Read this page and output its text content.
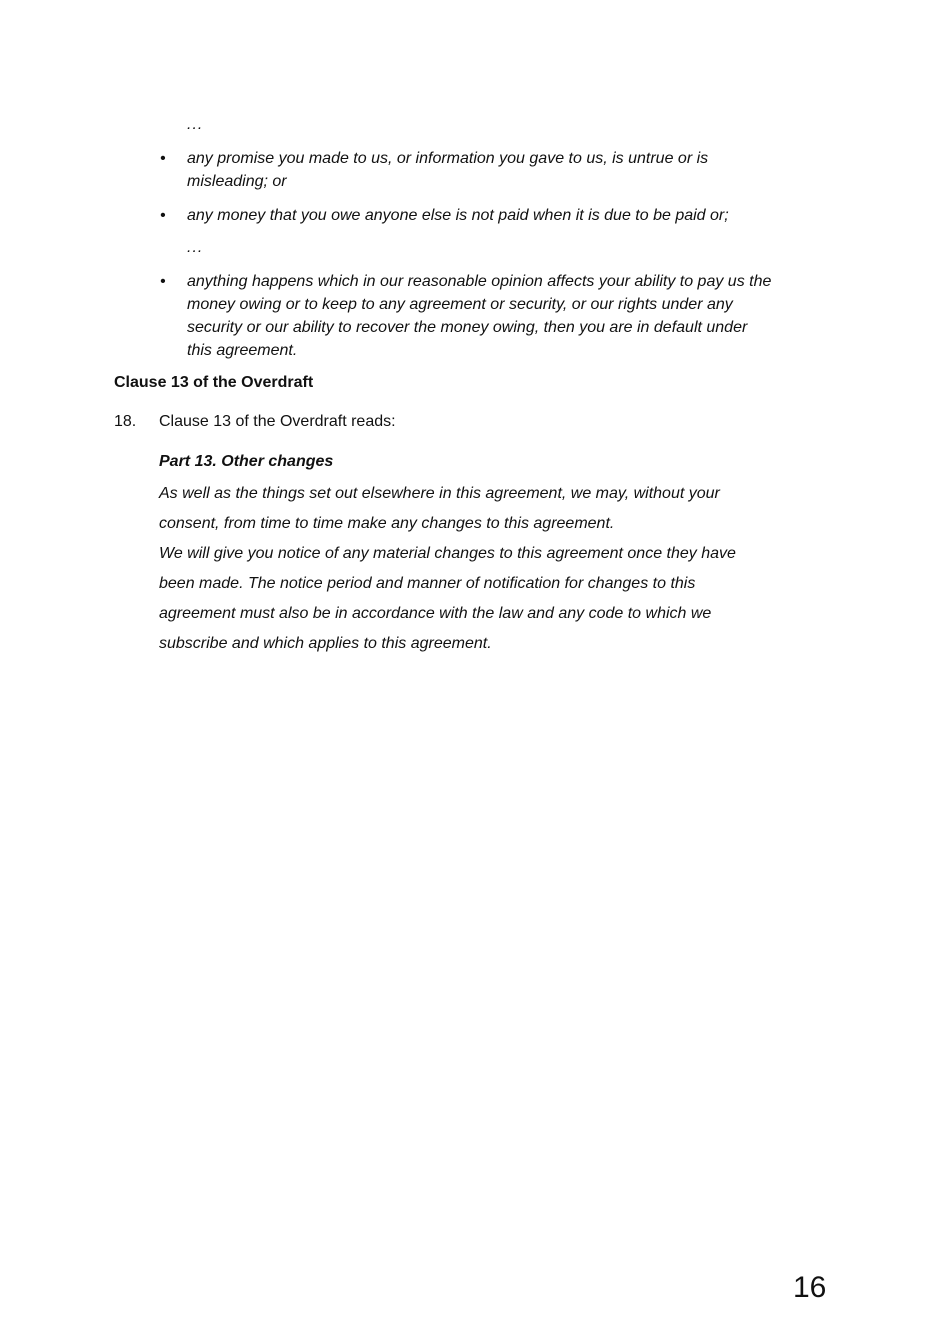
...
• any promise you made to us, or information you gave to us, is untrue or is
misleading; or
• any money that you owe anyone else is not paid when it is due to be paid or;
...
• anything happens which in our reasonable opinion affects your ability to pay us the
money owing or to keep to any agreement or security, or our rights under any
security or our ability to recover the money owing, then you are in default under
this agreement.
Clause 13 of the Overdraft
18. Clause 13 of the Overdraft reads:
Part 13. Other changes
As well as the things set out elsewhere in this agreement, we may, without your
consent, from time to time make any changes to this agreement.
We will give you notice of any material changes to this agreement once they have
been made. The notice period and manner of notification for changes to this
agreement must also be in accordance with the law and any code to which we
subscribe and which applies to this agreement.
16
